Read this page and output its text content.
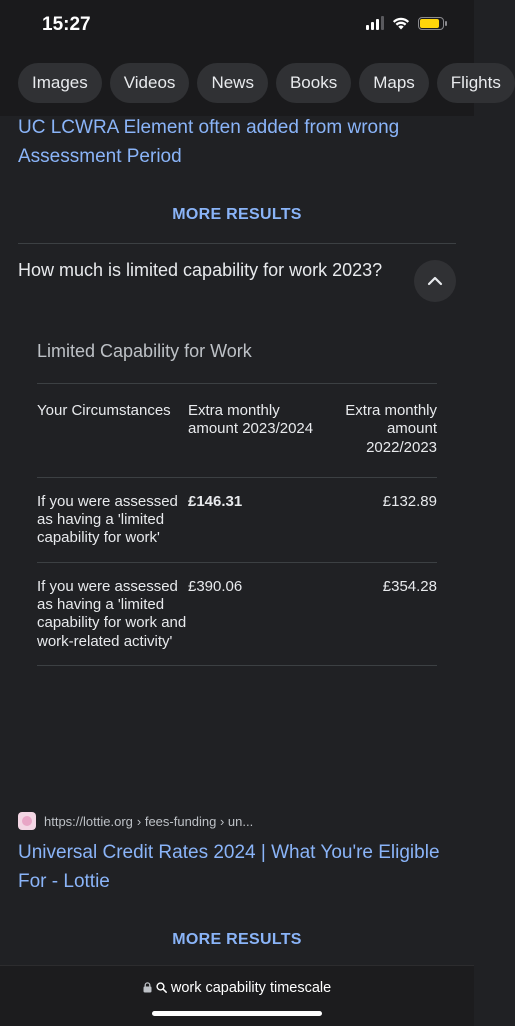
15:27
Images	Videos	News	Books	Maps	Flights
UC LCWRA Element often added from wrong Assessment Period
MORE RESULTS
How much is limited capability for work 2023?
Limited Capability for Work
Your Circumstances	Extra monthly amount 2023/2024	Extra monthly amount 2022/2023
If you were assessed as having a 'limited capability for work'	£146.31	£132.89
If you were assessed as having a 'limited capability for work and work-related activity'	£390.06	£354.28
https://lottie.org › fees-funding › un...
Universal Credit Rates 2024 | What You're Eligible For - Lottie
MORE RESULTS
work capability timescale
